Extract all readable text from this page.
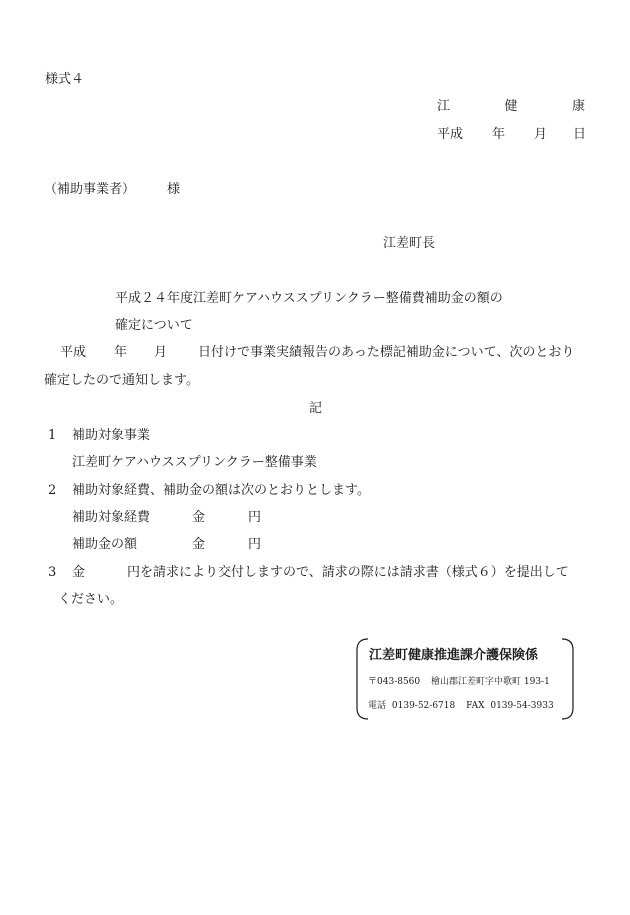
様式４
江	健	康
平成 年 月 日
（補助事業者） 様
江差町長
平成２４年度江差町ケアハウススプリンクラー整備費補助金の額の
確定について
平成 年 月 日付けで事業実績報告のあった標記補助金について、次のとおり
確定したので通知します。
記
1 補助対象事業
江差町ケアハウススプリンクラー整備事業
2 補助対象経費、補助金の額は次のとおりとします。
補助対象経費	金	円
補助金の額	金	円
3 金	円を請求により交付しますので、請求の際には請求書（様式６）を提出して
ください。
江差町健康推進課介護保険係
〒043-8560 檜山郡江差町字中歌町 193-1
電話 0139-52-6718 FAX 0139-54-3933
